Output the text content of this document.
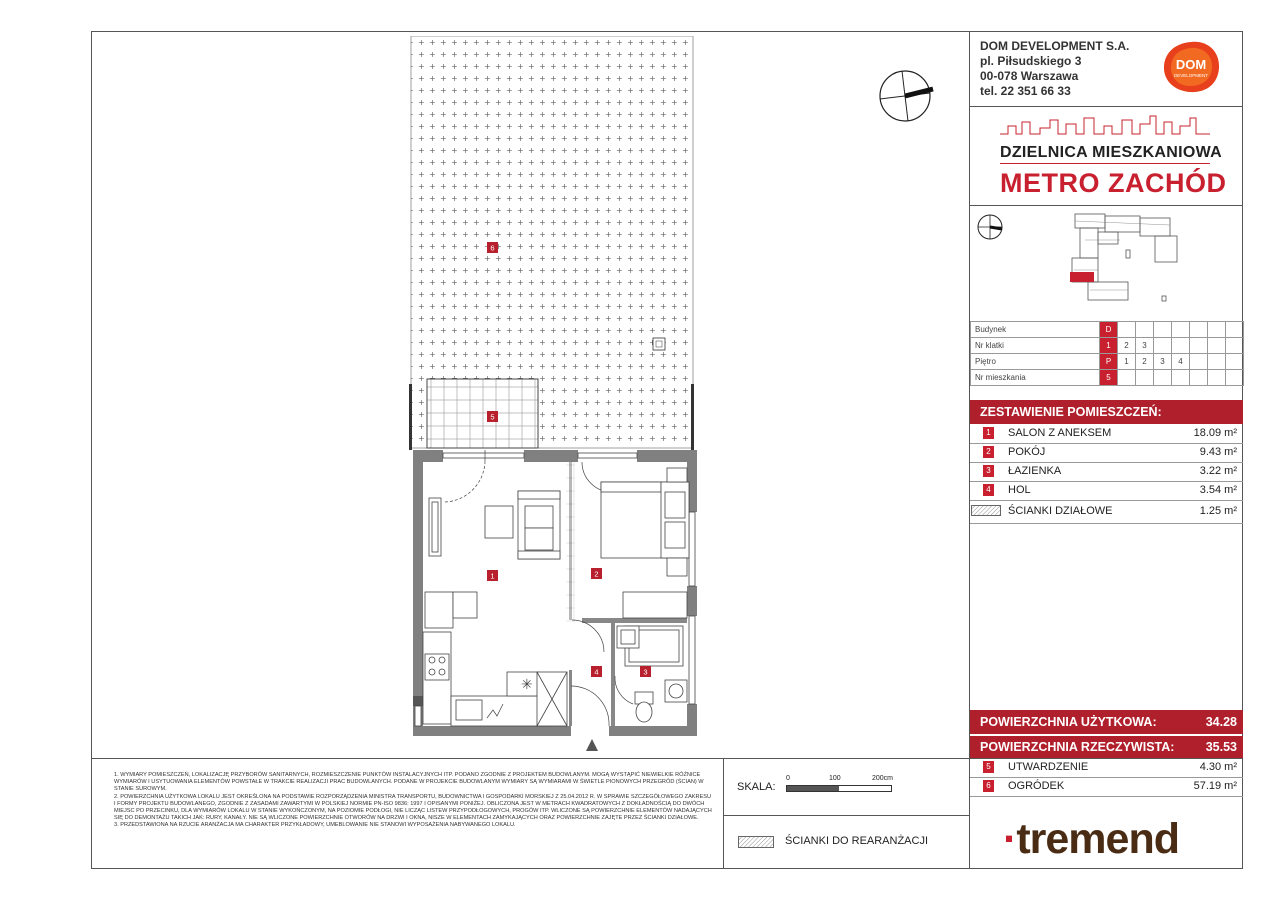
DOM DEVELOPMENT S.A.
pl. Piłsudskiego 3
00-078 Warszawa
tel. 22 351 66 33
DOM
DEVELOPMENT
DZIELNICA MIESZKANIOWA
METRO ZACHÓD
Budynek	D							
Nr klatki	1	2	3					
Piętro	P	1	2	3	4			
Nr mieszkania	5							
ZESTAWIENIE POMIESZCZEŃ:
1 SALON Z ANEKSEM	18.09 m²
2 POKÓJ	9.43 m²
3 ŁAZIENKA	3.22 m²
4 HOL	3.54 m²
ŚCIANKI DZIAŁOWE	1.25 m²
POWIERZCHNIA UŻYTKOWA:	34.28
POWIERZCHNIA RZECZYWISTA:	35.53
5 UTWARDZENIE	4.30 m²
6 OGRÓDEK	57.19 m²

1. WYMIARY POMIESZCZEŃ, LOKALIZACJĘ PRZYBORÓW SANITARNYCH, ROZMIESZCZENIE PUNKTÓW INSTALACYJNYCH ITP. PODANO ZGODNIE Z PROJEKTEM BUDOWLANYM. MOGĄ WYSTĄPIĆ NIEWIELKIE RÓŻNICE WYMIARÓW I USYTUOWANIA ELEMENTÓW POWSTAŁE W TRAKCIE REALIZACJI PRAC BUDOWLANYCH. PODANE W PROJEKCIE BUDOWLANYM WYMIARY SĄ WYMIARAMI W ŚWIETLE PIONOWYCH PRZEGRÓD (ŚCIAN) W STANIE SUROWYM.

2. POWIERZCHNIA UŻYTKOWA LOKALU JEST OKREŚLONA NA PODSTAWIE ROZPORZĄDZENIA MINISTRA TRANSPORTU, BUDOWNICTWA I GOSPODARKI MORSKIEJ Z 25.04.2012 R. W SPRAWIE SZCZEGÓŁOWEGO ZAKRESU I FORMY PROJEKTU BUDOWLANEGO, ZGODNIE Z ZASADAMI ZAWARTYMI W POLSKIEJ NORMIE PN-ISO 9836: 1997 I OPISANYMI PONIŻEJ. OBLICZONA JEST W METRACH KWADRATOWYCH Z DOKŁADNOŚCIĄ DO DWÓCH MIEJSC PO PRZECINKU, DLA WYMIARÓW LOKALU W STANIE WYKOŃCZONYM, NA POZIOMIE PODŁOGI, NIE LICZĄC LISTEW PRZYPODŁOGOWYCH, PROGÓW ITP. WLICZONE SĄ POWIERZCHNIE ELEMENTÓW NADAJĄCYCH SIĘ DO DEMONTAŻU TAKICH JAK: RURY, KANAŁY. NIE SĄ WLICZONE POWIERZCHNIE OTWORÓW NA DRZWI I OKNA, NISZE W ELEMENTACH ZAMYKAJĄCYCH ORAZ POWIERZCHNIE ZAJĘTE PRZEZ ŚCIANKI DZIAŁOWE.

3. PRZEDSTAWIONA NA RZUCIE ARANŻACJA MA CHARAKTER PRZYKŁADOWY, UMEBLOWANIE NIE STANOWI WYPOSAŻENIA NABYWANEGO LOKALU.

SKALA:
0	100	200cm
ŚCIANKI DO REARANŻACJI ·tremend
✳
1	2
3
4
5
6
